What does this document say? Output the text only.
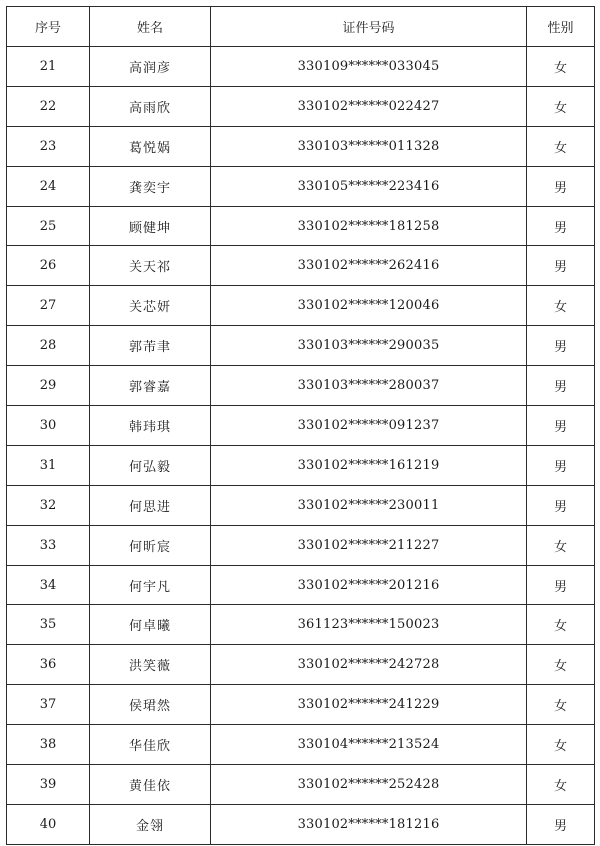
序号	姓名	证件号码	性别
21	高润彦	330109******033045	女
22	高雨欣	330102******022427	女
23	葛悦娲	330103******011328	女
24	龚奕宇	330105******223416	男
25	顾健坤	330102******181258	男
26	关天祁	330102******262416	男
27	关芯妍	330102******120046	女
28	郭芾聿	330103******290035	男
29	郭睿嘉	330103******280037	男
30	韩玮琪	330102******091237	男
31	何弘毅	330102******161219	男
32	何思进	330102******230011	男
33	何昕宸	330102******211227	女
34	何宇凡	330102******201216	男
35	何卓曦	361123******150023	女
36	洪笑薇	330102******242728	女
37	侯珺然	330102******241229	女
38	华佳欣	330104******213524	女
39	黄佳依	330102******252428	女
40	金翎	330102******181216	男
